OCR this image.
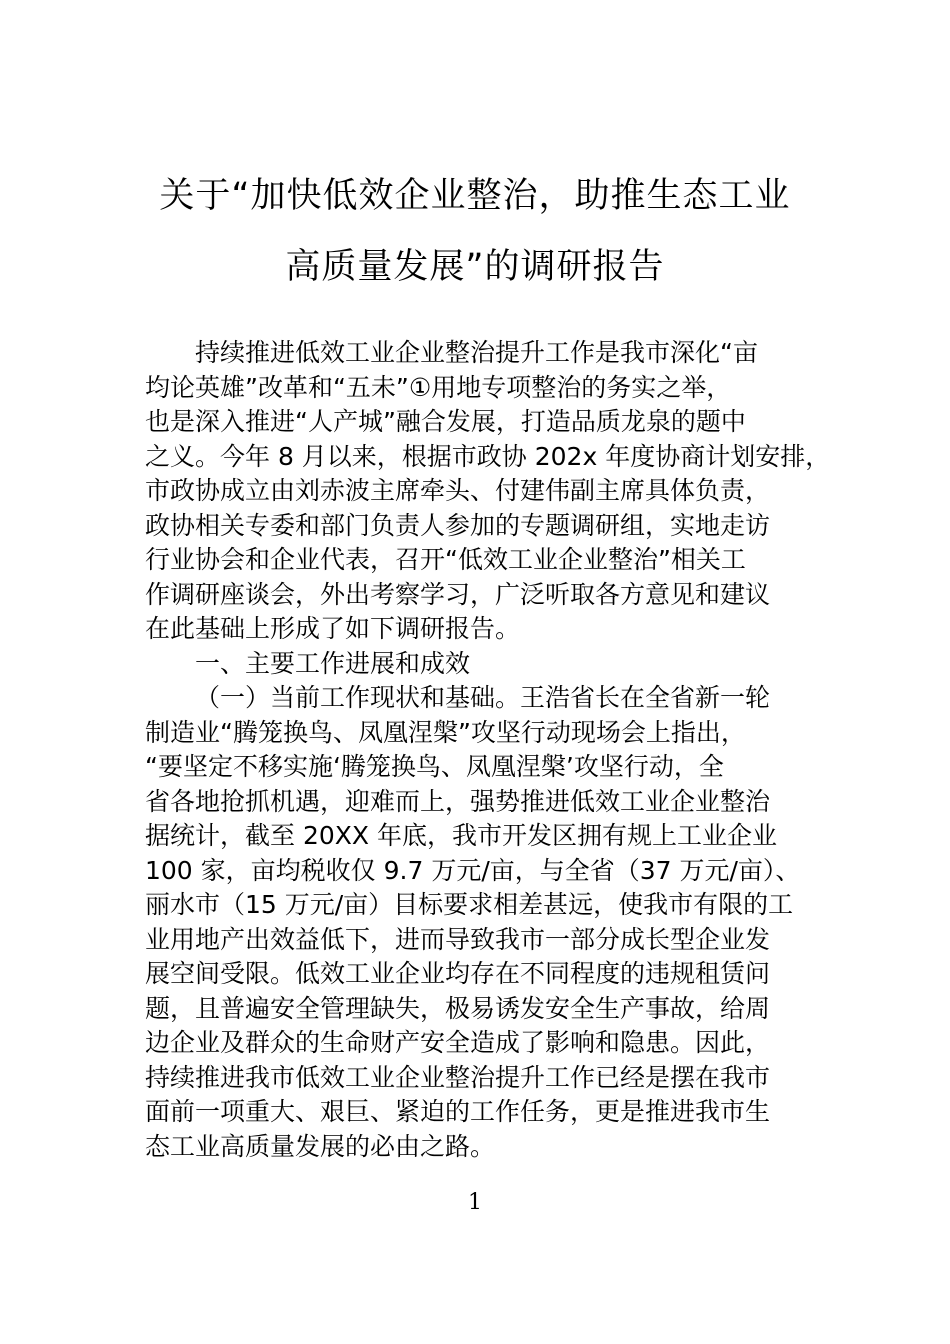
关于“加快低效企业整治，助推生态工业
高质量发展”的调研报告
持续推进低效工业企业整治提升工作是我市深化“亩
均论英雄”改革和“五未”①用地专项整治的务实之举，
也是深入推进“人产城”融合发展，打造品质龙泉的题中
之义。今年 8 月以来，根据市政协 202x 年度协商计划安排，
市政协成立由刘赤波主席牵头、付建伟副主席具体负责，
政协相关专委和部门负责人参加的专题调研组，实地走访
行业协会和企业代表，召开“低效工业企业整治”相关工
作调研座谈会，外出考察学习，广泛听取各方意见和建议
在此基础上形成了如下调研报告。
一、主要工作进展和成效
（一）当前工作现状和基础。王浩省长在全省新一轮
制造业“腾笼换鸟、凤凰涅槃”攻坚行动现场会上指出，
“要坚定不移实施‘腾笼换鸟、凤凰涅槃’攻坚行动，全
省各地抢抓机遇，迎难而上，强势推进低效工业企业整治
据统计，截至 20XX 年底，我市开发区拥有规上工业企业
100 家，亩均税收仅 9.7 万元/亩，与全省（37 万元/亩）、
丽水市（15 万元/亩）目标要求相差甚远，使我市有限的工
业用地产出效益低下，进而导致我市一部分成长型企业发
展空间受限。低效工业企业均存在不同程度的违规租赁问
题，且普遍安全管理缺失，极易诱发安全生产事故，给周
边企业及群众的生命财产安全造成了影响和隐患。因此，
持续推进我市低效工业企业整治提升工作已经是摆在我市
面前一项重大、艰巨、紧迫的工作任务，更是推进我市生
态工业高质量发展的必由之路。
1
